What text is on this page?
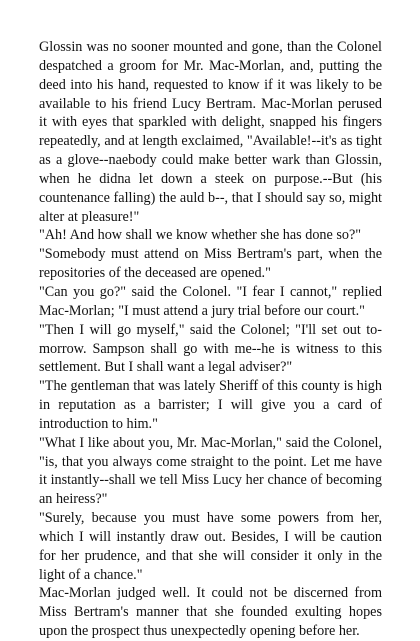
Glossin was no sooner mounted and gone, than the Colonel despatched a groom for Mr. Mac-Morlan, and, putting the deed into his hand, requested to know if it was likely to be available to his friend Lucy Bertram. Mac-Morlan perused it with eyes that sparkled with delight, snapped his fingers repeatedly, and at length exclaimed, "Available!--it's as tight as a glove--naebody could make better wark than Glossin, when he didna let down a steek on purpose.--But (his countenance falling) the auld b--, that I should say so, might alter at pleasure!"

"Ah! And how shall we know whether she has done so?"

"Somebody must attend on Miss Bertram's part, when the repositories of the deceased are opened."

"Can you go?" said the Colonel. "I fear I cannot," replied Mac-Morlan; "I must attend a jury trial before our court."

"Then I will go myself," said the Colonel; "I'll set out to-morrow. Sampson shall go with me--he is witness to this settlement. But I shall want a legal adviser?"

"The gentleman that was lately Sheriff of this county is high in reputation as a barrister; I will give you a card of introduction to him."

"What I like about you, Mr. Mac-Morlan," said the Colonel, "is, that you always come straight to the point. Let me have it instantly--shall we tell Miss Lucy her chance of becoming an heiress?"

"Surely, because you must have some powers from her, which I will instantly draw out. Besides, I will be caution for her prudence, and that she will consider it only in the light of a chance."

Mac-Morlan judged well. It could not be discerned from Miss Bertram's manner that she founded exulting hopes upon the prospect thus unexpectedly opening before her.
